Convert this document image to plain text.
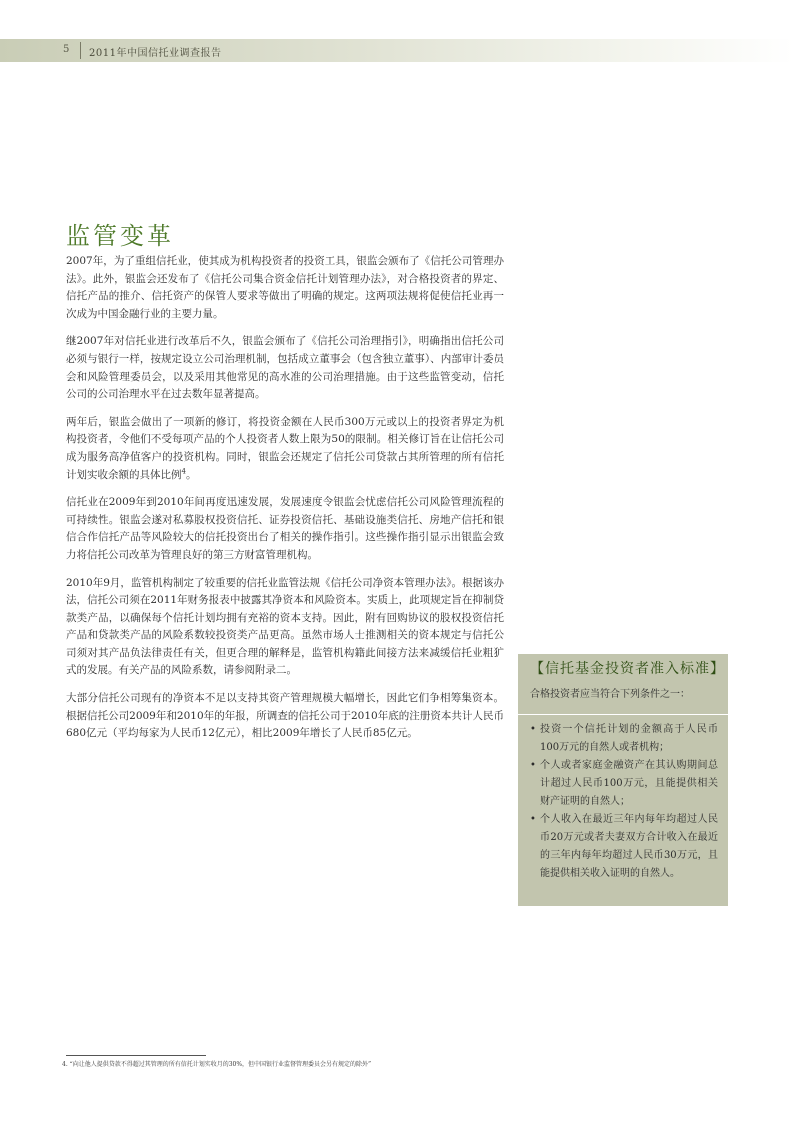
5 2011年中国信托业调查报告
监管变革

2007年，为了重组信托业，使其成为机构投资者的投资工具，银监会颁布了《信托公司管理办法》。此外，银监会还发布了《信托公司集合资金信托计划管理办法》，对合格投资者的界定、信托产品的推介、信托资产的保管人要求等做出了明确的规定。这两项法规将促使信托业再一次成为中国金融行业的主要力量。

继2007年对信托业进行改革后不久，银监会颁布了《信托公司治理指引》，明确指出信托公司必须与银行一样，按规定设立公司治理机制，包括成立董事会（包含独立董事）、内部审计委员会和风险管理委员会，以及采用其他常见的高水准的公司治理措施。由于这些监管变动，信托公司的公司治理水平在过去数年显著提高。

两年后，银监会做出了一项新的修订，将投资金额在人民币300万元或以上的投资者界定为机构投资者，令他们不受每项产品的个人投资者人数上限为50的限制。相关修订旨在让信托公司成为服务高净值客户的投资机构。同时，银监会还规定了信托公司贷款占其所管理的所有信托计划实收余额的具体比例$^4$。

信托业在2009年到2010年间再度迅速发展，发展速度令银监会忧虑信托公司风险管理流程的可持续性。银监会遂对私募股权投资信托、证券投资信托、基础设施类信托、房地产信托和银信合作信托产品等风险较大的信托投资出台了相关的操作指引。这些操作指引显示出银监会致力将信托公司改革为管理良好的第三方财富管理机构。

2010年9月，监管机构制定了较重要的信托业监管法规《信托公司净资本管理办法》。根据该办法，信托公司须在2011年财务报表中披露其净资本和风险资本。实质上，此项规定旨在抑制贷款类产品，以确保每个信托计划均拥有充裕的资本支持。因此，附有回购协议的股权投资信托产品和贷款类产品的风险系数较投资类产品更高。虽然市场人士推测相关的资本规定与信托公司须对其产品负法律责任有关，但更合理的解释是，监管机构籍此间接方法来减缓信托业粗犷式的发展。有关产品的风险系数，请参阅附录二。

大部分信托公司现有的净资本不足以支持其资产管理规模大幅增长，因此它们争相筹集资本。根据信托公司2009年和2010年的年报，所调查的信托公司于2010年底的注册资本共计人民币680亿元（平均每家为人民币12亿元），相比2009年增长了人民币85亿元。

【信托基金投资者准入标准】

合格投资者应当符合下列条件之一：

• 投资一个信托计划的金额高于人民币100万元的自然人或者机构；
• 个人或者家庭金融资产在其认购期间总计超过人民币100万元，且能提供相关财产证明的自然人；
• 个人收入在最近三年内每年均超过人民币20万元或者夫妻双方合计收入在最近的三年内每年均超过人民币30万元，且能提供相关收入证明的自然人。
4. “向让他人提供贷款不得超过其管理的所有信托计划实收月的30%，但中国银行业监督管理委员会另有规定的除外”
